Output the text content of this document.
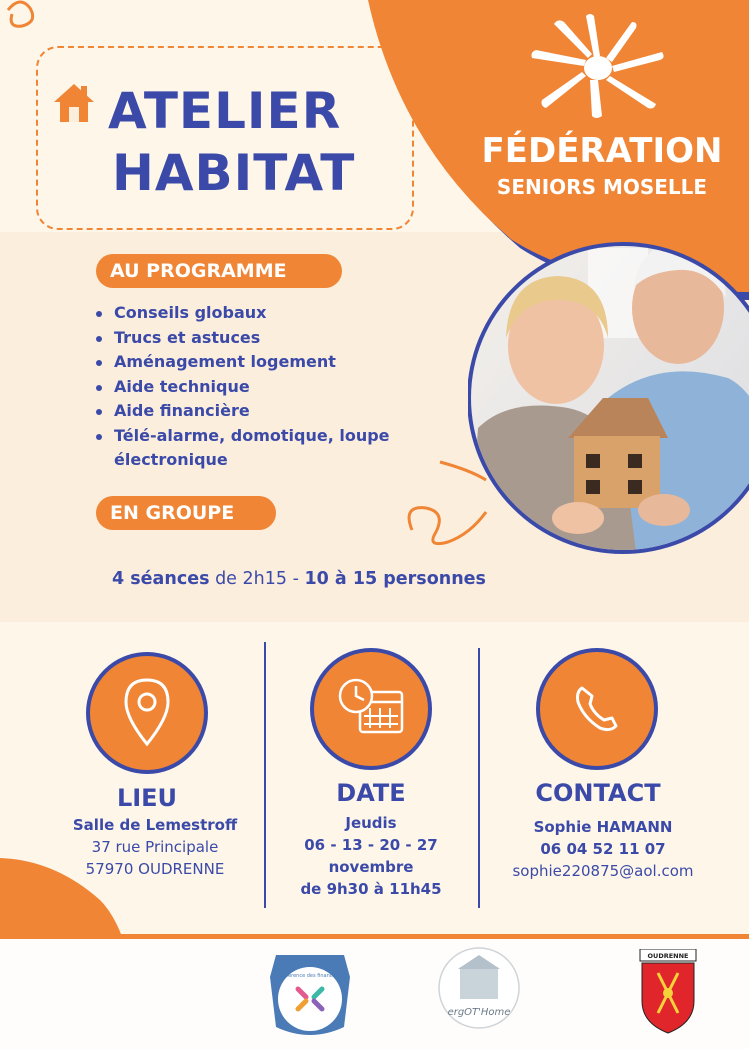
FÉDÉRATION
SENIORS MOSELLE
ATELIER
HABITAT
AU PROGRAMME
Conseils globaux
Trucs et astuces
Aménagement logement
Aide technique
Aide financière
Télé-alarme, domotique, loupe électronique
EN GROUPE
4 séances de 2h15 - 10 à 15 personnes
LIEU
Salle de Lemestroff
37 rue Principale
57970 OUDRENNE
DATE
Jeudis
06 - 13 - 20 - 27
novembre
de 9h30 à 11h45
CONTACT
Sophie HAMANN
06 04 52 11 07
sophie220875@aol.com
Conférence des financeurs
ergOT'Home
OUDRENNE
